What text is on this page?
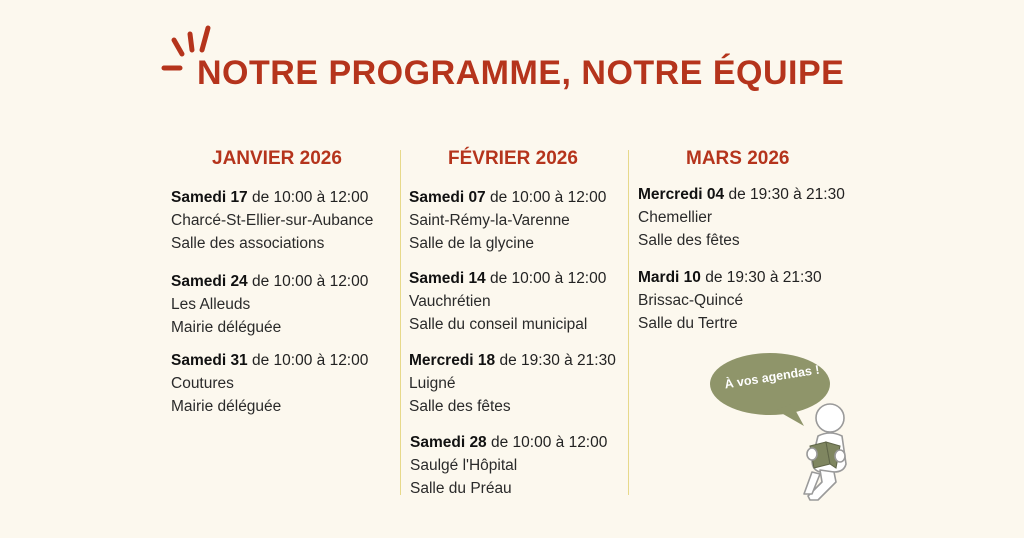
NOTRE PROGRAMME, NOTRE ÉQUIPE
JANVIER 2026
Samedi 17 de 10:00 à 12:00
Charcé-St-Ellier-sur-Aubance
Salle des associations
Samedi 24 de 10:00 à 12:00
Les Alleuds
Mairie déléguée
Samedi 31 de 10:00 à 12:00
Coutures
Mairie déléguée
FÉVRIER 2026
Samedi 07 de 10:00 à 12:00
Saint-Rémy-la-Varenne
Salle de la glycine
Samedi 14 de 10:00 à 12:00
Vauchrétien
Salle du conseil municipal
Mercredi 18 de 19:30 à 21:30
Luigné
Salle des fêtes
Samedi 28 de 10:00 à 12:00
Saulgé l'Hôpital
Salle du Préau
MARS 2026
Mercredi 04 de 19:30 à 21:30
Chemellier
Salle des fêtes
Mardi 10 de 19:30 à 21:30
Brissac-Quincé
Salle du Tertre
À vos agendas !
